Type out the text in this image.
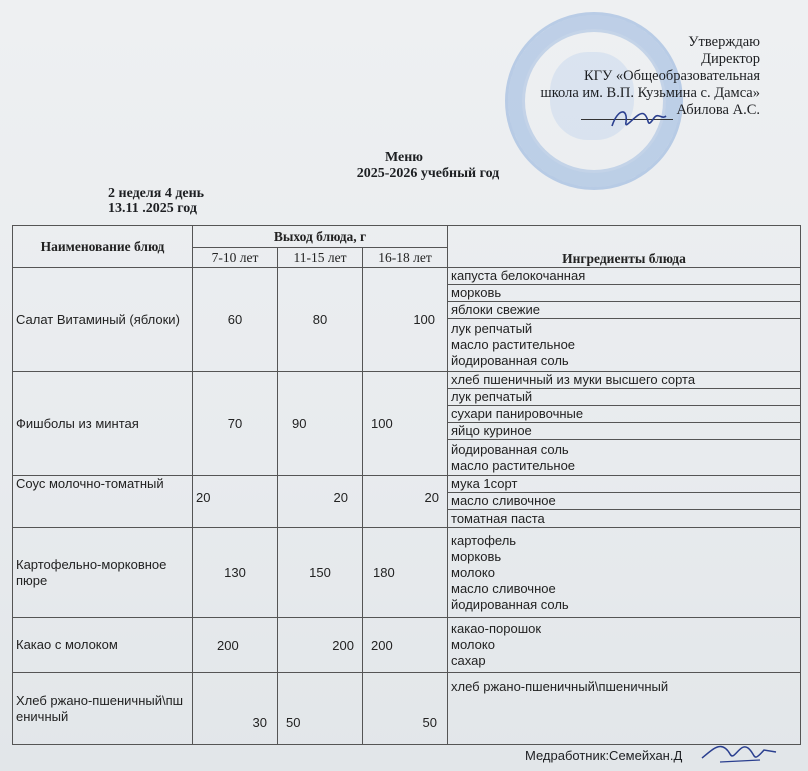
Утверждаю
Директор
КГУ «Общеобразовательная
школа им. В.П. Кузьмина с. Дамса»
Абилова А.С.
Меню
2025-2026 учебный год
2 неделя 4 день
13.11 .2025 год
Наименование блюд	Выход блюда, г			Ингредиенты блюда
	7-10 лет	11-15 лет	16-18 лет	
Салат Витаминый (яблоки)	60	80	100	капуста белокочанная
				морковь
				яблоки свежие
				лук репчатый
масло растительное
йодированная соль
Фишболы из минтая	70	90	100	хлеб пшеничный из муки высшего сорта
				лук репчатый
				сухари панировочные
				яйцо куриное
				йодированная соль
масло растительное
Соус молочно-томатный	20	20	20	мука 1сорт
				масло сливочное
				томатная паста
Картофельно-морковное пюре	130	150	180	картофель
морковь
молоко
масло сливочное
йодированная соль
Какао с молоком	200	200	200	какао-порошок
молоко
сахар
Хлеб ржано-пшеничный\пшеничный	30	50	50	хлеб ржано-пшеничный\пшеничный
Медработник:Семейхан.Д
